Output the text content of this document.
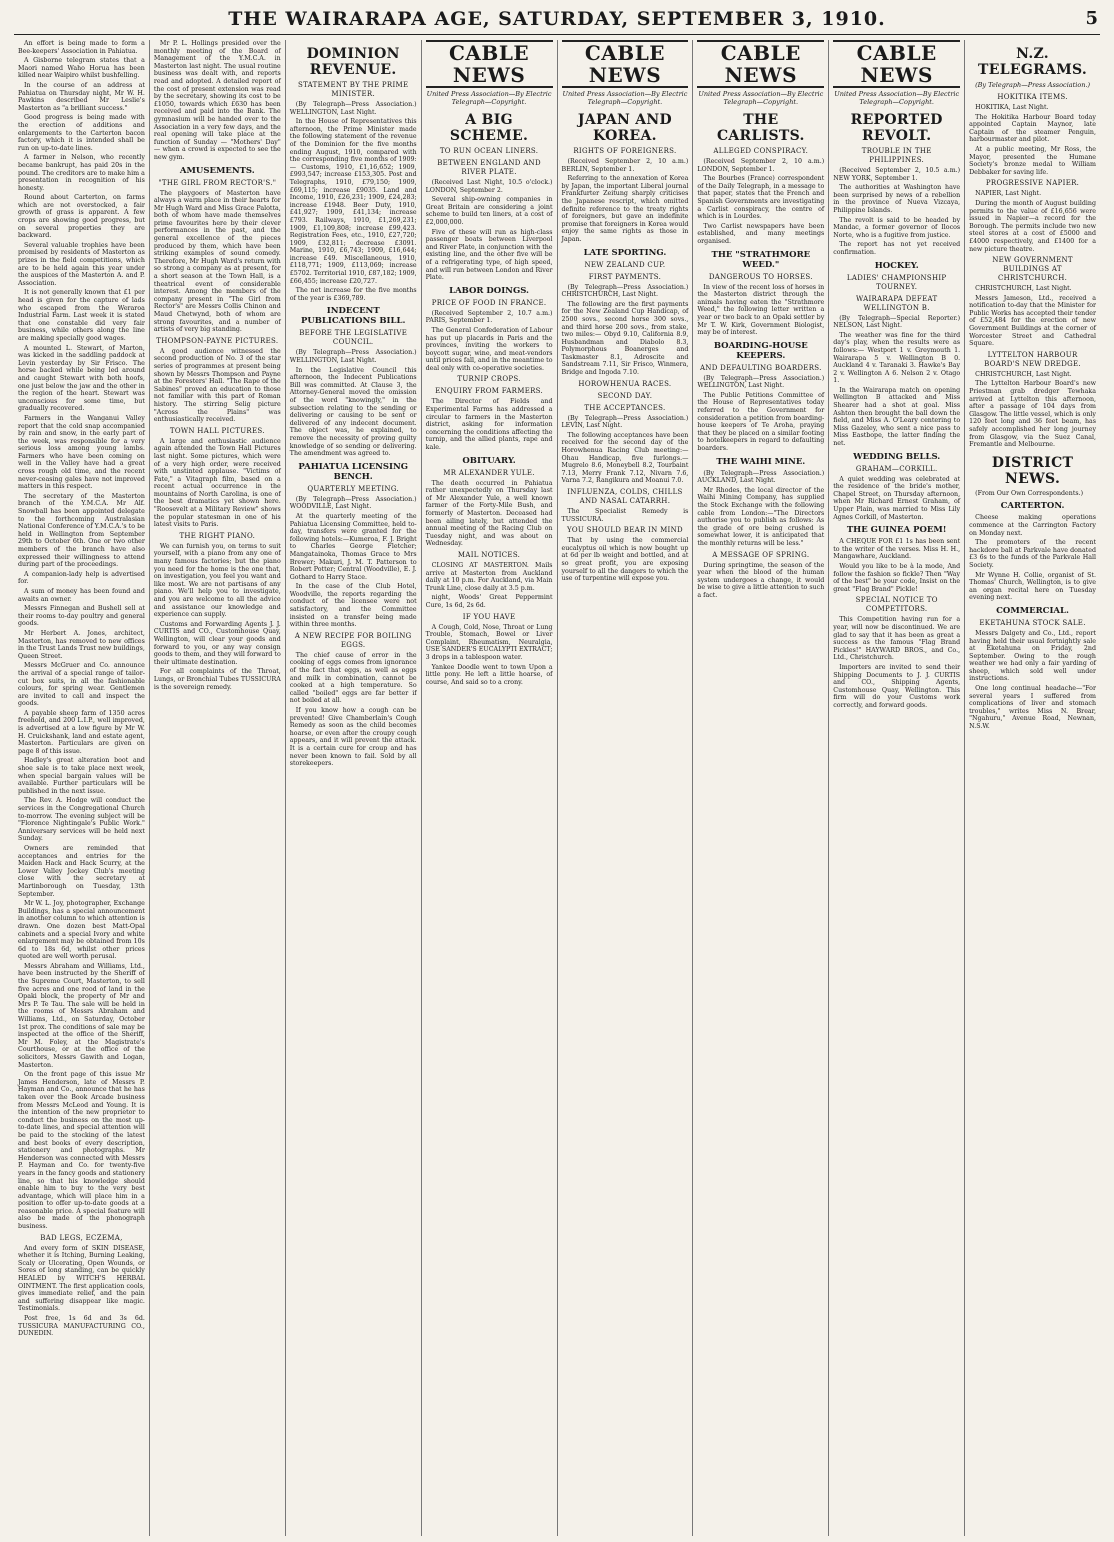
THE WAIRARAPA AGE, SATURDAY, SEPTEMBER 3, 1910.	5

An effort is being made to form a Bee-keepers' Association in Pahiatua.

A Gisborne telegram states that a Maori named Waho Horua has been killed near Waipiro whilst bushfelling.

In the course of an address at Pahiatua on Thursday night, Mr W. H. Pawkins described Mr Leslie's Masterton as "a brilliant success."

Good progress is being made with the erection of additions and enlargements to the Carterton bacon factory, which it is intended shall be run on up-to-date lines.

A farmer in Nelson, who recently became bankrupt, has paid 20s in the pound. The creditors are to make him a presentation in recognition of his honesty.

Round about Carterton, on farms which are not overstocked, a fair growth of grass is apparent. A few crops are showing good progress, but on several properties they are backward.

Several valuable trophies have been promised by residents of Masterton as prizes in the field competitions, which are to be held again this year under the auspices of the Masterton A. and P. Association.

It is not generally known that £1 per head is given for the capture of lads who escaped from the Weraroa Industrial Farm. Last week it is stated that one constable did very fair business, while others along the line are making specially good wages.

A mounted L. Stewart, of Marton, was kicked in the saddling paddock at Levin yesterday by Sir Frisco. The horse backed while being led around and caught Stewart with both hoofs, one just below the jaw and the other in the region of the heart. Stewart was unconscious for some time, but gradually recovered.

Farmers in the Wanganui Valley report that the cold snap accompanied by rain and snow, in the early part of the week, was responsible for a very serious loss among young lambs. Farmers who have been coming on well in the Valley have had a great cross rough old time, and the recent never-ceasing gales have not improved matters in this respect.

The secretary of the Masterton branch of the Y.M.C.A. Mr Alf. Snowball has been appointed delegate to the forthcoming Australasian National Conference of Y.M.C.A.'s to be held in Wellington from September 29th to October 6th. One or two other members of the branch have also expressed their willingness to attend during part of the proceedings.

A companion-lady help is advertised for.

A sum of money has been found and awaits an owner.

Messrs Finnegan and Bushell sell at their rooms to-day poultry and general goods.

Mr Herbert A. Jones, architect, Masterton, has removed to new offices in the Trust Lands Trust new buildings, Queen Street.

Messrs McGruer and Co. announce the arrival of a special range of tailor-cut box suits, in all the fashionable colours, for spring wear. Gentlemen are invited to call and inspect the goods.

A payable sheep farm of 1350 acres freehold, and 200 L.I.P., well improved, is advertised at a low figure by Mr W. H. Cruickshank, land and estate agent, Masterton. Particulars are given on page 8 of this issue.

Hadley's great alteration boot and shoe sale is to take place next week, when special bargain values will be available. Further particulars will be published in the next issue.

The Rev. A. Hodge will conduct the services in the Congregational Church to-morrow. The evening subject will be "Florence Nightingale's Public Work." Anniversary services will be held next Sunday.

Owners are reminded that acceptances and entries for the Maiden Hack and Hack Scurry, at the Lower Valley Jockey Club's meeting close with the secretary at Martinborough on Tuesday, 13th September.

Mr W. L. Joy, photographer, Exchange Buildings, has a special announcement in another column to which attention is drawn. One dozen best Matt-Opal cabinets and a special Ivory and white enlargement may be obtained from 10s 6d to 18s 6d, whilst other prices quoted are well worth perusal.

Messrs Abraham and Williams, Ltd., have been instructed by the Sheriff of the Supreme Court, Masterton, to sell five acres and one rood of land in the Opaki block, the property of Mr and Mrs P. Te Tau. The sale will be held in the rooms of Messrs Abraham and Williams, Ltd., on Saturday, October 1st prox. The conditions of sale may be inspected at the office of the Sheriff, Mr M. Foley, at the Magistrate's Courthouse, or at the office of the solicitors, Messrs Gawith and Logan, Masterton.

On the front page of this issue Mr James Henderson, late of Messrs P. Hayman and Co., announce that he has taken over the Book Arcade business from Messrs McLeod and Young. It is the intention of the new proprietor to conduct the business on the most up-to-date lines, and special attention will be paid to the stocking of the latest and best books of every description, stationery and photographs. Mr Henderson was connected with Messrs P. Hayman and Co. for twenty-five years in the fancy goods and stationery line, so that his knowledge should enable him to buy to the very best advantage, which will place him in a position to offer up-to-date goods at a reasonable price. A special feature will also be made of the phonograph business.

BAD LEGS, ECZEMA,

And every form of SKIN DISEASE, whether it is Itching, Burning Leaking, Scaly or Ulcerating, Open Wounds, or Sores of long standing, can be quickly HEALED by WITCH'S HERBAL OINTMENT. The first application cools, gives immediate relief, and the pain and suffering disappear like magic. Testimonials.

Post free, 1s 6d and 3s 6d. TUSSICURA MANUFACTURING CO., DUNEDIN.

Mr P. L. Hollings presided over the monthly meeting of the Board of Management of the Y.M.C.A. in Masterton last night. The usual routine business was dealt with, and reports read and adopted. A detailed report of the cost of present extension was read by the secretary, showing its cost to be £1050, towards which £630 has been received and paid into the Bank. The gymnasium will be handed over to the Association in a very few days, and the real opening will take place at the function of Sunday — "Mothers' Day" — when a crowd is expected to see the new gym.

AMUSEMENTS.
"THE GIRL FROM RECTOR'S."

The playgoers of Masterton have always a warm place in their hearts for Mr Hugh Ward and Miss Grace Palotta, both of whom have made themselves prime favourites here by their clever performances in the past, and the general excellence of the pieces produced by them, which have been striking examples of sound comedy. Therefore, Mr Hugh Ward's return with so strong a company as at present, for a short season at the Town Hall, is a theatrical event of considerable interest. Among the members of the company present in "The Girl from Rector's" are Messrs Collis Chinon and Maud Chetwynd, both of whom are strong favourites, and a number of artists of very big standing.

THOMPSON-PAYNE PICTURES.

A good audience witnessed the second production of No. 3 of the star series of programmes at present being shown by Messrs Thompson and Payne at the Foresters' Hall. "The Rape of the Sabines" proved an education to those not familiar with this part of Roman history. The stirring Selig picture "Across the Plains" was enthusiastically received.

TOWN HALL PICTURES.

A large and enthusiastic audience again attended the Town Hall Pictures last night. Some pictures, which were of a very high order, were received with unstinted applause. "Victims of Fate," a Vitagraph film, based on a recent actual occurrence in the mountains of North Carolina, is one of the best dramatics yet shown here. "Roosevelt at a Military Review" shows the popular statesman in one of his latest visits to Paris.

THE RIGHT PIANO.

We can furnish you, on terms to suit yourself, with a piano from any one of many famous factories; but the piano you need for the home is the one that, on investigation, you feel you want and like most. We are not partisans of any piano. We'll help you to investigate, and you are welcome to all the advice and assistance our knowledge and experience can supply.

Customs and Forwarding Agents J. J. CURTIS and CO., Customhouse Quay, Wellington, will clear your goods and forward to you, or any way consign goods to them, and they will forward to their ultimate destination.

For all complaints of the Throat, Lungs, or Bronchial Tubes TUSSICURA is the sovereign remedy.

DOMINION REVENUE.
STATEMENT BY THE PRIME MINISTER.

(By Telegraph—Press Association.) WELLINGTON, Last Night.

In the House of Representatives this afternoon, the Prime Minister made the following statement of the revenue of the Dominion for the five months ending August, 1910, compared with the corresponding five months of 1909:— Customs, 1910, £1,16,652; 1909, £993,547; increase £153,305. Post and Telegraphs, 1910, £79,150; 1909, £69,115; increase £9035. Land and Income, 1910, £26,231; 1909, £24,283; increase £1948. Beer Duty, 1910, £41,927; 1909, £41,134; increase £793. Railways, 1910, £1,269,231; 1909, £1,109,808; increase £99,423. Registration Fees, etc., 1910, £27,720; 1909, £32,811; decrease £3091. Marine, 1910, £6,743; 1909, £16,644; increase £49. Miscellaneous, 1910, £118,771; 1909, £113,069; increase £5702. Territorial 1910, £87,182; 1909, £66,455; increase £20,727.

The net increase for the five months of the year is £369,789.

INDECENT PUBLICATIONS BILL.
BEFORE THE LEGISLATIVE COUNCIL.

(By Telegraph—Press Association.) WELLINGTON, Last Night.

In the Legislative Council this afternoon, the Indecent Publications Bill was committed. At Clause 3, the Attorney-General moved the omission of the word "knowingly," in the subsection relating to the sending or delivering or causing to be sent or delivered of any indecent document. The object was, he explained, to remove the necessity of proving guilty knowledge of so sending or delivering. The amendment was agreed to.

PAHIATUA LICENSING BENCH.
QUARTERLY MEETING.

(By Telegraph—Press Association.) WOODVILLE, Last Night.

At the quarterly meeting of the Pahiatua Licensing Committee, held to-day, transfers were granted for the following hotels:—Kumeroa, F. J. Bright to Charles George Fletcher; Mangatainoka, Thomas Grace to Mrs Brewer; Makuri, J. M. T. Patterson to Robert Potter; Central (Woodville), E. J. Gothard to Harry Stace.

In the case of the Club Hotel, Woodville, the reports regarding the conduct of the licensee were not satisfactory, and the Committee insisted on a transfer being made within three months.

A NEW RECIPE FOR BOILING EGGS.

The chief cause of error in the cooking of eggs comes from ignorance of the fact that eggs, as well as eggs and milk in combination, cannot be cooked at a high temperature. So called "boiled" eggs are far better if not boiled at all.

If you know how a cough can be prevented! Give Chamberlain's Cough Remedy as soon as the child becomes hoarse, or even after the croupy cough appears, and it will prevent the attack. It is a certain cure for croup and has never been known to fail. Sold by all storekeepers.

CABLE NEWS
United Press Association—By Electric Telegraph—Copyright.
A BIG SCHEME.
TO RUN OCEAN LINERS.
BETWEEN ENGLAND AND RIVER PLATE.

(Received Last Night, 10.5 o'clock.) LONDON, September 2.

Several ship-owning companies in Great Britain are considering a joint scheme to build ten liners, at a cost of £2,000,000.

Five of these will run as high-class passenger boats between Liverpool and River Plate, in conjunction with the existing line, and the other five will be of a refrigerating type, of high speed, and will run between London and River Plate.

LABOR DOINGS.
PRICE OF FOOD IN FRANCE.

(Received September 2, 10.7 a.m.) PARIS, September 1.

The General Confederation of Labour has put up placards in Paris and the provinces, inviting the workers to boycott sugar, wine, and meat-vendors until prices fall, and in the meantime to deal only with co-operative societies.

TURNIP CROPS.
ENQUIRY FROM FARMERS.

The Director of Fields and Experimental Farms has addressed a circular to farmers in the Masterton district, asking for information concerning the conditions affecting the turnip, and the allied plants, rape and kale.

OBITUARY.
MR ALEXANDER YULE.

The death occurred in Pahiatua rather unexpectedly on Thursday last of Mr Alexander Yule, a well known farmer of the Forty-Mile Bush, and formerly of Masterton. Deceased had been ailing lately, but attended the annual meeting of the Racing Club on Tuesday night, and was about on Wednesday.

MAIL NOTICES.

CLOSING AT MASTERTON. Mails arrive at Masterton from Auckland daily at 10 p.m. For Auckland, via Main Trunk Line, close daily at 3.5 p.m.

night, Woods' Great Peppermint Cure, 1s 6d, 2s 6d.

IF YOU HAVE

A Cough, Cold, Nose, Throat or Lung Trouble, Stomach, Bowel or Liver Complaint, Rheumatism, Neuralgia, USE SANDER'S EUCALYPTI EXTRACT; 3 drops in a tablespoon water.

Yankee Doodle went to town Upon a little pony. He left a little hoarse, of course, And said so to a crony.

CABLE NEWS
United Press Association—By Electric Telegraph—Copyright.
JAPAN AND KOREA.
RIGHTS OF FOREIGNERS.

(Received September 2, 10 a.m.) BERLIN, September 1.

Referring to the annexation of Korea by Japan, the important Liberal journal Frankfurter Zeitung sharply criticises the Japanese rescript, which omitted definite reference to the treaty rights of foreigners, but gave an indefinite promise that foreigners in Korea would enjoy the same rights as those in Japan.

LATE SPORTING.
NEW ZEALAND CUP.
FIRST PAYMENTS.

(By Telegraph—Press Association.) CHRISTCHURCH, Last Night.

The following are the first payments for the New Zealand Cup Handicap, of 2500 sovs., second horse 300 sovs., and third horse 200 sovs., from stake, two miles:— Obyd 9.10, California 8.9, Husbandman and Diabolo 8.3, Polymorphous Boanerges and Taskmaster 8.1, Adroscite and Sandstream 7.11, Sir Frisco, Winmera, Bridge and Ingoda 7.10.

HOROWHENUA RACES.
SECOND DAY.
THE ACCEPTANCES.

(By Telegraph—Press Association.) LEVIN, Last Night.

The following acceptances have been received for the second day of the Horowhenua Racing Club meeting:— Ohau Handicap, five furlongs.—Mugrelo 8.6, Moneybell 8.2, Tourbaint 7.13, Merry Frank 7.12, Nivarn 7.6, Varna 7.2, Rangikura and Moanui 7.0.

INFLUENZA, COLDS, CHILLS AND NASAL CATARRH.

The Specialist Remedy is TUSSICURA.

YOU SHOULD BEAR IN MIND

That by using the commercial eucalyptus oil which is now bought up at 6d per lb weight and bottled, and at so great profit, you are exposing yourself to all the dangers to which the use of turpentine will expose you.

CABLE NEWS
United Press Association—By Electric Telegraph—Copyright.
THE CARLISTS.
ALLEGED CONSPIRACY.

(Received September 2, 10 a.m.) LONDON, September 1.

The Bourbes (France) correspondent of the Daily Telegraph, in a message to that paper, states that the French and Spanish Governments are investigating a Carlist conspiracy, the centre of which is in Lourdes.

Two Carlist newspapers have been established, and many meetings organised.

THE "STRATHMORE WEED."
DANGEROUS TO HORSES.

In view of the recent loss of horses in the Masterton district through the animals having eaten the "Strathmore Weed," the following letter written a year or two back to an Opaki settler by Mr T. W. Kirk, Government Biologist, may be of interest.

BOARDING-HOUSE KEEPERS.
AND DEFAULTING BOARDERS.

(By Telegraph—Press Association.) WELLINGTON, Last Night.

The Public Petitions Committee of the House of Representatives today referred to the Government for consideration a petition from boarding-house keepers of Te Aroha, praying that they be placed on a similar footing to hotelkeepers in regard to defaulting boarders.

THE WAIHI MINE.

(By Telegraph—Press Association.) AUCKLAND, Last Night.

Mr Rhodes, the local director of the Waihi Mining Company, has supplied the Stock Exchange with the following cable from London:—"The Directors authorise you to publish as follows: As the grade of ore being crushed is somewhat lower, it is anticipated that the monthly returns will be less."

A MESSAGE OF SPRING.

During springtime, the season of the year when the blood of the human system undergoes a change, it would be wise to give a little attention to such a fact.

CABLE NEWS
United Press Association—By Electric Telegraph—Copyright.
REPORTED REVOLT.
TROUBLE IN THE PHILIPPINES.

(Received September 2, 10.5 a.m.) NEW YORK, September 1.

The authorities at Washington have been surprised by news of a rebellion in the province of Nueva Vizcaya, Philippine Islands.

The revolt is said to be headed by Mandac, a former governor of Ilocos Norte, who is a fugitive from justice.

The report has not yet received confirmation.

HOCKEY.
LADIES' CHAMPIONSHIP TOURNEY.
WAIRARAPA DEFEAT WELLINGTON B.

(By Telegraph—Special Reporter.) NELSON, Last Night.

The weather was fine for the third day's play, when the results were as follows:— Westport 1 v. Greymouth 1. Wairarapa 5 v. Wellington B 0. Auckland 4 v. Taranaki 3. Hawke's Bay 2 v. Wellington A 6. Nelson 2 v. Otago 1.

In the Wairarapa match on opening Wellington B attacked and Miss Shearer had a shot at goal. Miss Ashton then brought the ball down the field, and Miss A. O'Leary centering to Miss Gazeley, who sent a nice pass to Miss Eastbope, the latter finding the net.

WEDDING BELLS.
GRAHAM—CORKILL.

A quiet wedding was celebrated at the residence of the bride's mother, Chapel Street, on Thursday afternoon, when Mr Richard Ernest Graham, of Upper Plain, was married to Miss Lily Agnes Corkill, of Masterton.

THE GUINEA POEM!

A CHEQUE FOR £1 1s has been sent to the writer of the verses. Miss H. H., Mangawhare, Auckland.

Would you like to be à la mode, And follow the fashion so fickle? Then "Way of the best" be your code, Insist on the great "Flag Brand" Pickle!

SPECIAL NOTICE TO COMPETITORS.

This Competition having run for a year, will now be discontinued. We are glad to say that it has been as great a success as the famous "Flag Brand Pickles!" HAYWARD BROS., and Co., Ltd., Christchurch.

Importers are invited to send their Shipping Documents to J. J. CURTIS and CO., Shipping Agents, Customhouse Quay, Wellington. This firm will do your Customs work correctly, and forward goods.

N.Z. TELEGRAMS.
(By Telegraph—Press Association.)
HOKITIKA ITEMS.

HOKITIKA, Last Night.

The Hokitika Harbour Board today appointed Captain Maynor, late Captain of the steamer Penguin, harbourmaster and pilot.

At a public meeting, Mr Ross, the Mayor, presented the Humane Society's bronze medal to William Debbaker for saving life.

PROGRESSIVE NAPIER.

NAPIER, Last Night.

During the month of August building permits to the value of £16,656 were issued in Napier—a record for the Borough. The permits include two new steel stores at a cost of £5000 and £4000 respectively, and £1400 for a new picture theatre.

NEW GOVERNMENT BUILDINGS AT CHRISTCHURCH.

CHRISTCHURCH, Last Night.

Messrs Jameson, Ltd., received a notification to-day that the Minister for Public Works has accepted their tender of £52,484 for the erection of new Government Buildings at the corner of Worcester Street and Cathedral Square.

LYTTELTON HARBOUR BOARD'S NEW DREDGE.

CHRISTCHURCH, Last Night.

The Lyttelton Harbour Board's new Priestman grab dredger Tewhaka arrived at Lyttelton this afternoon, after a passage of 104 days from Glasgow. The little vessel, which is only 120 feet long and 36 feet beam, has safely accomplished her long journey from Glasgow, via the Suez Canal, Fremantle and Melbourne.

DISTRICT NEWS.

(From Our Own Correspondents.)

CARTERTON.

Cheese making operations commence at the Carrington Factory on Monday next.

The promoters of the recent hackdore ball at Parkvale have donated £3 6s to the funds of the Parkvale Hall Society.

Mr Wynne H. Collie, organist of St. Thomas' Church, Wellington, is to give an organ recital here on Tuesday evening next.

COMMERCIAL.
EKETAHUNA STOCK SALE.

Messrs Dalgety and Co., Ltd., report having held their usual fortnightly sale at Eketahuna on Friday, 2nd September. Owing to the rough weather we had only a fair yarding of sheep, which sold well under instructions.

One long continual headache—"For several years I suffered from complications of liver and stomach troubles," writes Miss N. Brear, "Ngahuru," Avenue Road, Newnan, N.S.W.
